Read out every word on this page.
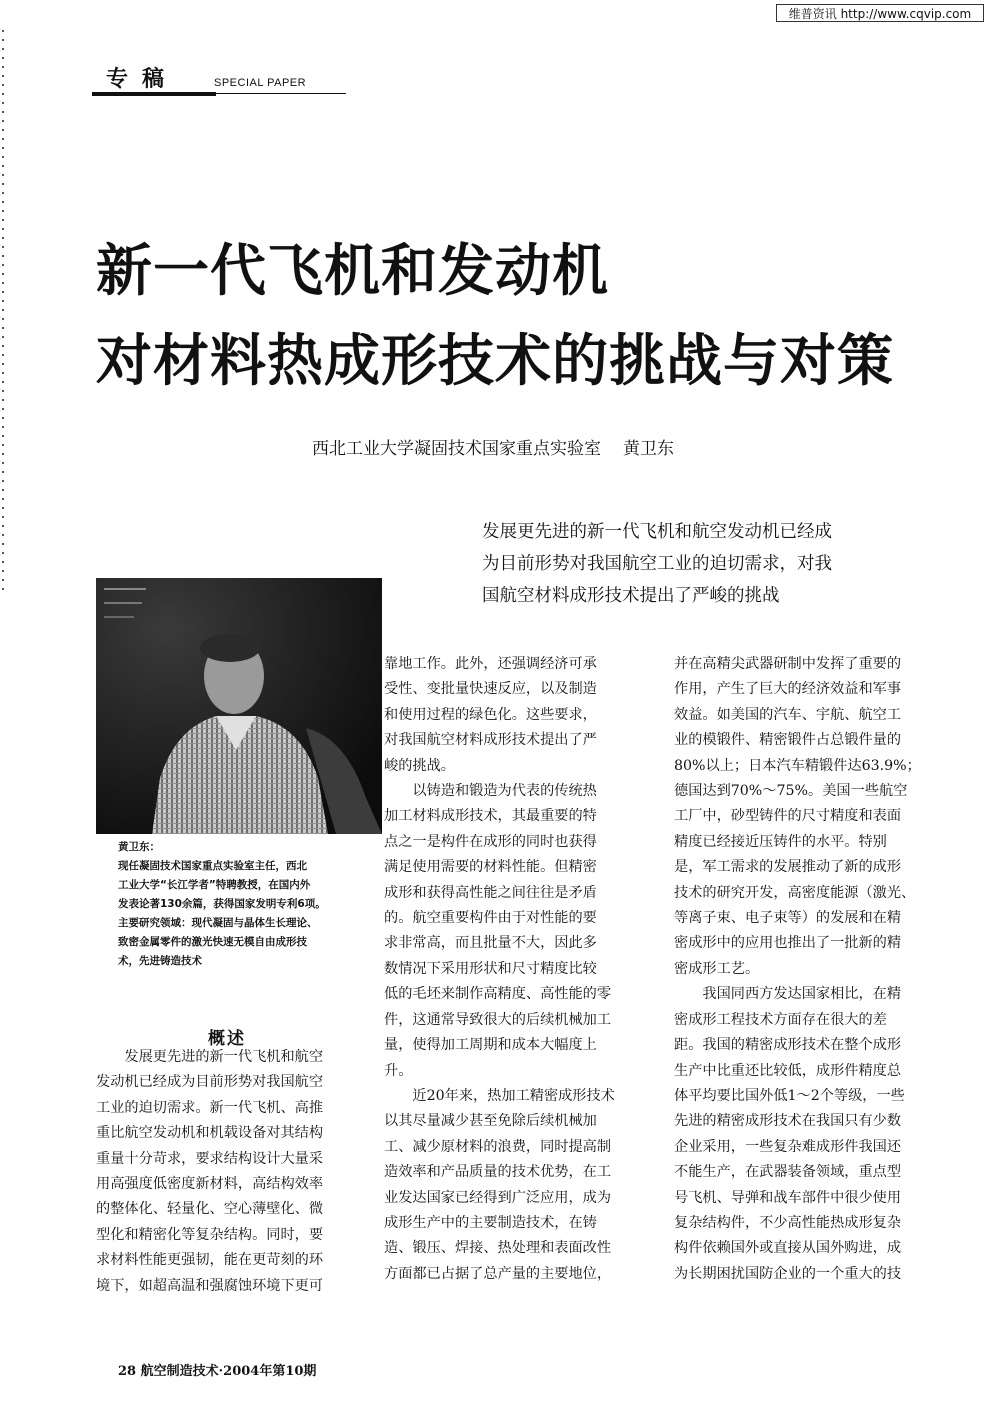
维普资讯 http://www.cqvip.com
专稿	SPECIAL PAPER
新一代飞机和发动机
对材料热成形技术的挑战与对策
西北工业大学凝固技术国家重点实验室 黄卫东
发展更先进的新一代飞机和航空发动机已经成
为目前形势对我国航空工业的迫切需求，对我
国航空材料成形技术提出了严峻的挑战
黄卫东：
现任凝固技术国家重点实验室主任，西北
工业大学“长江学者”特聘教授，在国内外
发表论著130余篇，获得国家发明专利6项。
主要研究领域：现代凝固与晶体生长理论、
致密金属零件的激光快速无模自由成形技
术，先进铸造技术
概述
　　发展更先进的新一代飞机和航空
发动机已经成为目前形势对我国航空
工业的迫切需求。新一代飞机、高推
重比航空发动机和机载设备对其结构
重量十分苛求，要求结构设计大量采
用高强度低密度新材料，高结构效率
的整体化、轻量化、空心薄壁化、微
型化和精密化等复杂结构。同时，要
求材料性能更强韧，能在更苛刻的环
境下，如超高温和强腐蚀环境下更可
靠地工作。此外，还强调经济可承
受性、变批量快速反应，以及制造
和使用过程的绿色化。这些要求，
对我国航空材料成形技术提出了严
峻的挑战。
　　以铸造和锻造为代表的传统热
加工材料成形技术，其最重要的特
点之一是构件在成形的同时也获得
满足使用需要的材料性能。但精密
成形和获得高性能之间往往是矛盾
的。航空重要构件由于对性能的要
求非常高，而且批量不大，因此多
数情况下采用形状和尺寸精度比较
低的毛坯来制作高精度、高性能的零
件，这通常导致很大的后续机械加工
量，使得加工周期和成本大幅度上
升。
　　近20年来，热加工精密成形技术
以其尽量减少甚至免除后续机械加
工、减少原材料的浪费，同时提高制
造效率和产品质量的技术优势，在工
业发达国家已经得到广泛应用，成为
成形生产中的主要制造技术，在铸
造、锻压、焊接、热处理和表面改性
方面都已占据了总产量的主要地位，
并在高精尖武器研制中发挥了重要的
作用，产生了巨大的经济效益和军事
效益。如美国的汽车、宇航、航空工
业的模锻件、精密锻件占总锻件量的
80%以上；日本汽车精锻件达63.9%；
德国达到70%～75%。美国一些航空
工厂中，砂型铸件的尺寸精度和表面
精度已经接近压铸件的水平。特别
是，军工需求的发展推动了新的成形
技术的研究开发，高密度能源（激光、
等离子束、电子束等）的发展和在精
密成形中的应用也推出了一批新的精
密成形工艺。
　　我国同西方发达国家相比，在精
密成形工程技术方面存在很大的差
距。我国的精密成形技术在整个成形
生产中比重还比较低，成形件精度总
体平均要比国外低1～2个等级，一些
先进的精密成形技术在我国只有少数
企业采用，一些复杂难成形件我国还
不能生产，在武器装备领域，重点型
号飞机、导弹和战车部件中很少使用
复杂结构件，不少高性能热成形复杂
构件依赖国外或直接从国外购进，成
为长期困扰国防企业的一个重大的技
28 航空制造技术·2004年第10期
